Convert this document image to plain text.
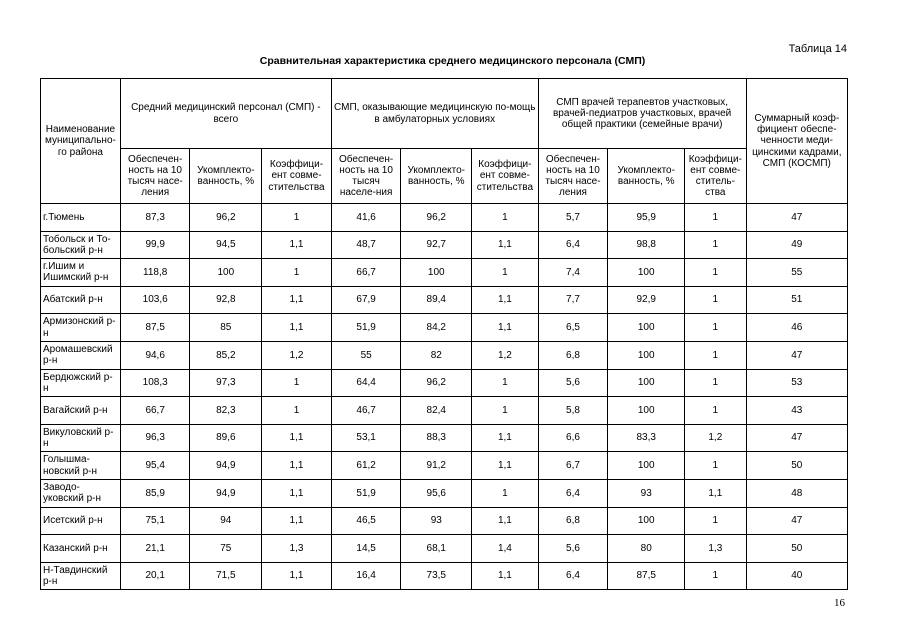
Таблица 14
Сравнительная характеристика среднего медицинского персонала (СМП)
Наименование муниципально-го района	Средний медицинский персонал (СМП) - всего			СМП, оказывающие медицинскую по-мощь в амбулаторных условиях			СМП врачей терапевтов участковых, врачей-педиатров участковых, врачей общей практики (семейные врачи)			Суммарный коэф-фициент обеспе-ченности меди-цинскими кадрами, СМП (КОСМП)
	Обеспечен-ность на 10 тысяч насе-ления	Укомплекто-ванность, %	Коэффици-ент совме-стительства	Обеспечен-ность на 10 тысяч населе-ния	Укомплекто-ванность, %	Коэффици-ент совме-стительства	Обеспечен-ность на 10 тысяч насе-ления	Укомплекто-ванность, %	Коэффици-ент совме-ститель-ства	
г.Тюмень	87,3	96,2	1	41,6	96,2	1	5,7	95,9	1	47
Тобольск и То-больский р-н	99,9	94,5	1,1	48,7	92,7	1,1	6,4	98,8	1	49
г.Ишим и Ишимский р-н	118,8	100	1	66,7	100	1	7,4	100	1	55
Абатский р-н	103,6	92,8	1,1	67,9	89,4	1,1	7,7	92,9	1	51
Армизонский р-н	87,5	85	1,1	51,9	84,2	1,1	6,5	100	1	46
Аромашевский р-н	94,6	85,2	1,2	55	82	1,2	6,8	100	1	47
Бердюжский р-н	108,3	97,3	1	64,4	96,2	1	5,6	100	1	53
Вагайский р-н	66,7	82,3	1	46,7	82,4	1	5,8	100	1	43
Викуловский р-н	96,3	89,6	1,1	53,1	88,3	1,1	6,6	83,3	1,2	47
Голышма-новский р-н	95,4	94,9	1,1	61,2	91,2	1,1	6,7	100	1	50
Заводо-уковский р-н	85,9	94,9	1,1	51,9	95,6	1	6,4	93	1,1	48
Исетский р-н	75,1	94	1,1	46,5	93	1,1	6,8	100	1	47
Казанский р-н	21,1	75	1,3	14,5	68,1	1,4	5,6	80	1,3	50
Н-Тавдинский р-н	20,1	71,5	1,1	16,4	73,5	1,1	6,4	87,5	1	40
16
